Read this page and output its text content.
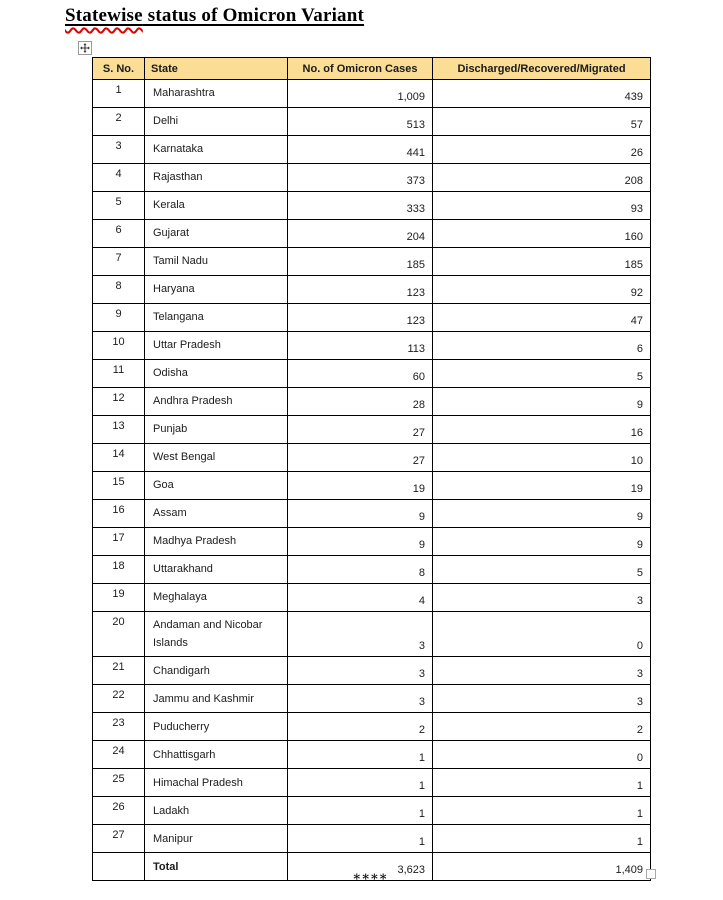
Statewise status of Omicron Variant
S. No.	State	No. of Omicron Cases	Discharged/Recovered/Migrated
1	Maharashtra	1,009	439
2	Delhi	513	57
3	Karnataka	441	26
4	Rajasthan	373	208
5	Kerala	333	93
6	Gujarat	204	160
7	Tamil Nadu	185	185
8	Haryana	123	92
9	Telangana	123	47
10	Uttar Pradesh	113	6
11	Odisha	60	5
12	Andhra Pradesh	28	9
13	Punjab	27	16
14	West Bengal	27	10
15	Goa	19	19
16	Assam	9	9
17	Madhya Pradesh	9	9
18	Uttarakhand	8	5
19	Meghalaya	4	3
20	Andaman and Nicobar Islands	3	0
21	Chandigarh	3	3
22	Jammu and Kashmir	3	3
23	Puducherry	2	2
24	Chhattisgarh	1	0
25	Himachal Pradesh	1	1
26	Ladakh	1	1
27	Manipur	1	1
	Total	3,623	1,409
****
